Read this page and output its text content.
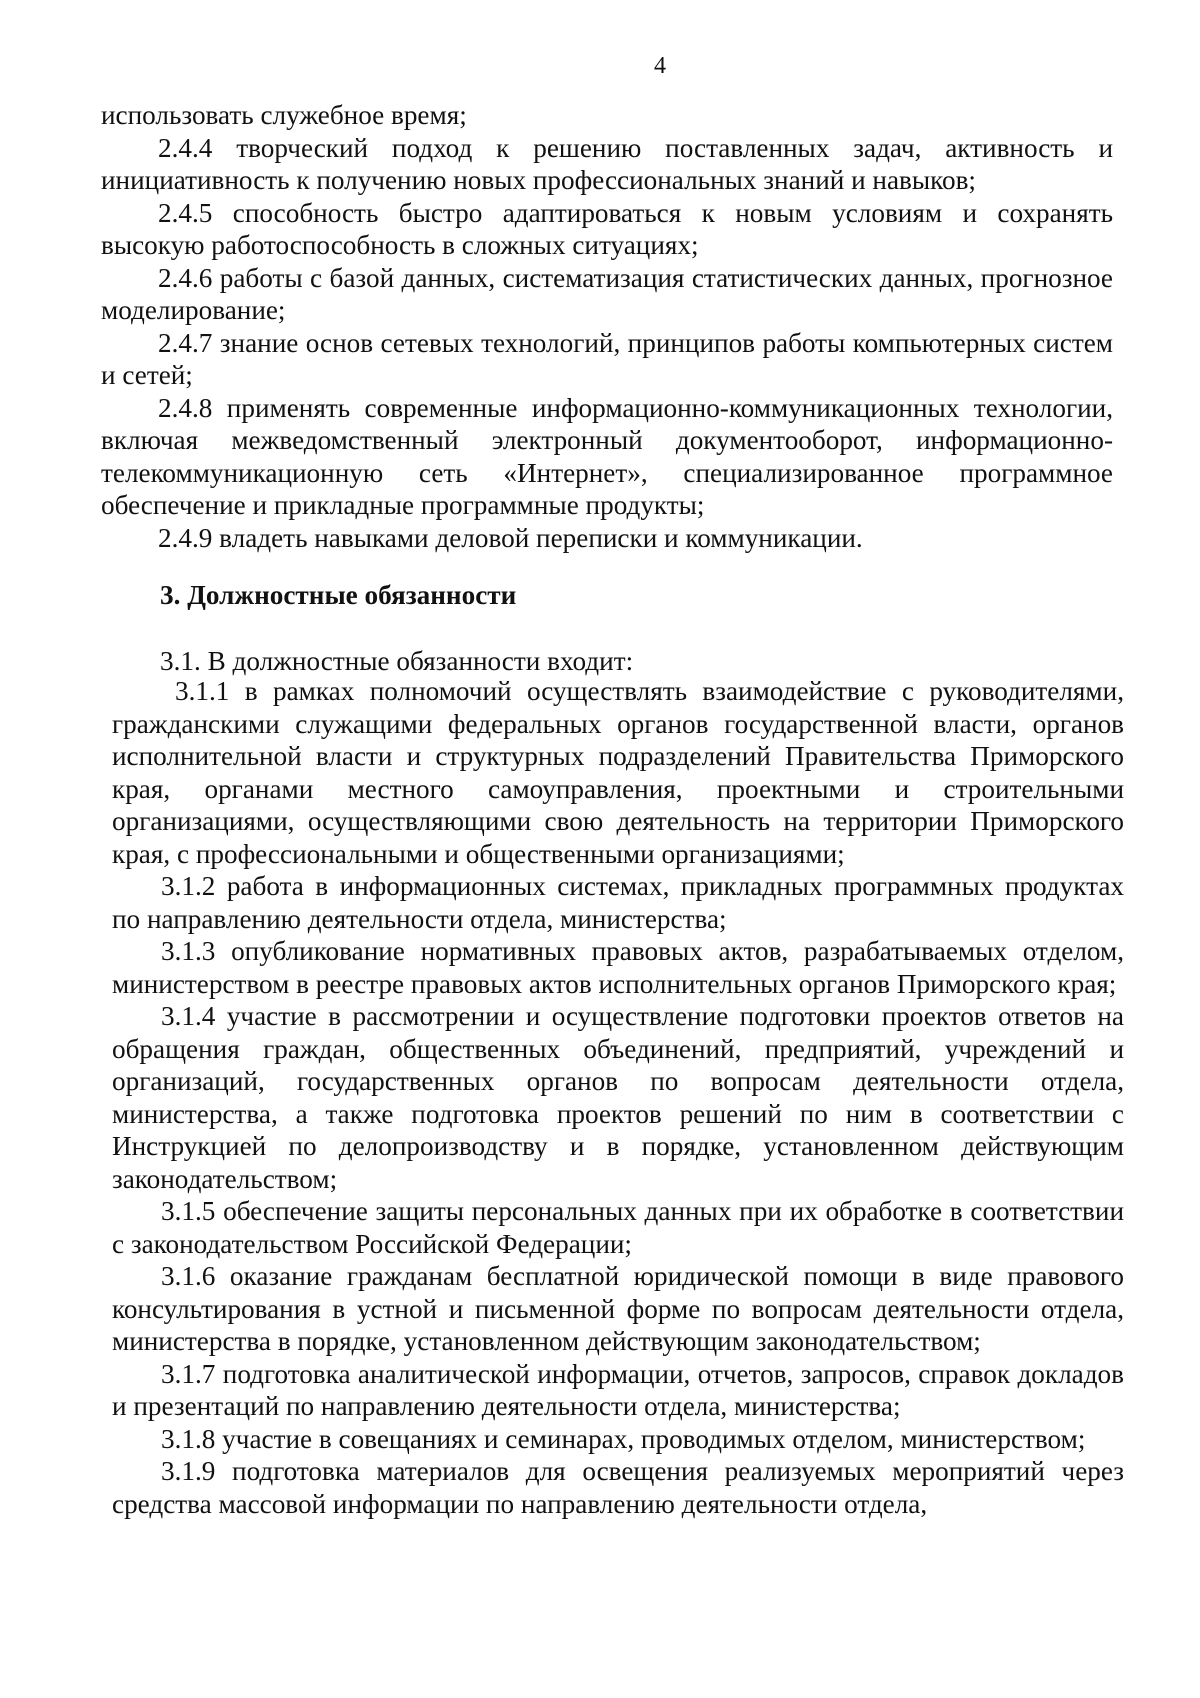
4

использовать служебное время;

2.4.4 творческий подход к решению поставленных задач, активность и инициативность к получению новых профессиональных знаний и навыков;

2.4.5 способность быстро адаптироваться к новым условиям и сохранять высокую работоспособность в сложных ситуациях;

2.4.6 работы с базой данных, систематизация статистических данных, прогнозное моделирование;

2.4.7 знание основ сетевых технологий, принципов работы компьютерных систем и сетей;

2.4.8 применять современные информационно-коммуникационных технологии, включая межведомственный электронный документооборот, информационно-телекоммуникационную сеть «Интернет», специализированное программное обеспечение и прикладные программные продукты;

2.4.9 владеть навыками деловой переписки и коммуникации.

3. Должностные обязанности
3.1. В должностные обязанности входит:

3.1.1 в рамках полномочий осуществлять взаимодействие с руководителями, гражданскими служащими федеральных органов государственной власти, органов исполнительной власти и структурных подразделений Правительства Приморского края, органами местного самоуправления, проектными и строительными организациями, осуществляющими свою деятельность на территории Приморского края, с профессиональными и общественными организациями;

3.1.2 работа в информационных системах, прикладных программных продуктах по направлению деятельности отдела, министерства;

3.1.3 опубликование нормативных правовых актов, разрабатываемых отделом, министерством в реестре правовых актов исполнительных органов Приморского края;

3.1.4 участие в рассмотрении и осуществление подготовки проектов ответов на обращения граждан, общественных объединений, предприятий, учреждений и организаций, государственных органов по вопросам деятельности отдела, министерства, а также подготовка проектов решений по ним в соответствии с Инструкцией по делопроизводству и в порядке, установленном действующим законодательством;

3.1.5 обеспечение защиты персональных данных при их обработке в соответствии с законодательством Российской Федерации;

3.1.6 оказание гражданам бесплатной юридической помощи в виде правового консультирования в устной и письменной форме по вопросам деятельности отдела, министерства в порядке, установленном действующим законодательством;

3.1.7 подготовка аналитической информации, отчетов, запросов, справок докладов и презентаций по направлению деятельности отдела, министерства;

3.1.8 участие в совещаниях и семинарах, проводимых отделом, министерством;

3.1.9 подготовка материалов для освещения реализуемых мероприятий через средства массовой информации по направлению деятельности отдела,
